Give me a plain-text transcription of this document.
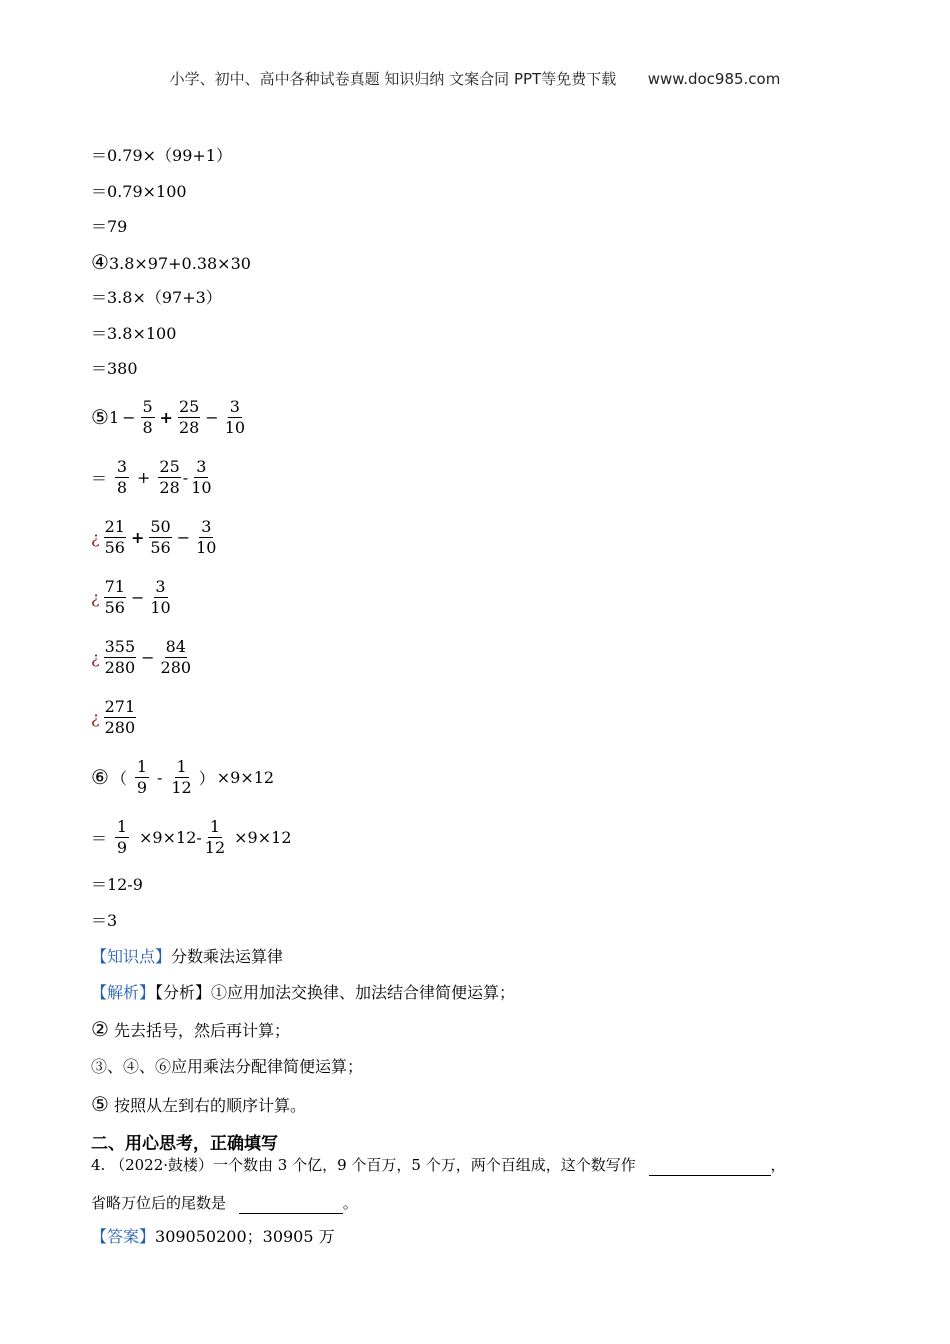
小学、初中、高中各种试卷真题 知识归纳 文案合同 PPT等免费下载 www.doc985.com
＝0.79×（99+1）
＝0.79×100
＝79
④3.8×97+0.38×30
＝3.8×（97+3）
＝3.8×100
＝380
⑤ $1 - \frac{5}{8} + \frac{25}{28} - \frac{3}{10}$
＝ $\frac{3}{8} + \frac{25}{28} - \frac{3}{10}$
¿ $\frac{21}{56} + \frac{50}{56} - \frac{3}{10}$
¿ $\frac{71}{56} - \frac{3}{10}$
¿ $\frac{355}{280} - \frac{84}{280}$
¿ $\frac{271}{280}$
⑥ （ $\frac{1}{9} - \frac{1}{12}$ ） ×9×12
＝ $\frac{1}{9} \times 9\times 12- \frac{1}{12} \times 9\times 12$
＝12-9
＝3
【知识点】分数乘法运算律
【解析】【分析】①应用加法交换律、加法结合律简便运算；
② 先去括号，然后再计算；
③、④、⑥应用乘法分配律简便运算；
⑤ 按照从左到右的顺序计算。
二、用心思考，正确填写
4. （2022·鼓楼）一个数由 3 个亿，9 个百万，5 个万，两个百组成，这个数写作	，
省略万位后的尾数是	。
【答案】309050200；30905 万
